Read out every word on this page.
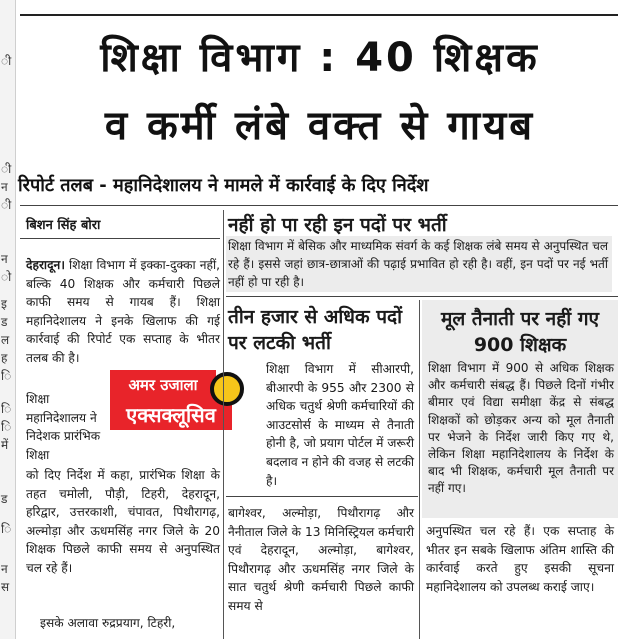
ी
ी
न
ी
न
ो
इ
ड
ल
ह
ि
ि
ि
में
ड
ि
न
स
शिक्षा विभाग : 40 शिक्षक
व कर्मी लंबे वक्त से गायब
रिपोर्ट तलब - महानिदेशालय ने मामले में कार्रवाई के दिए निर्देश
बिशन सिंह बोरा

देहरादून। शिक्षा विभाग में इक्का-दुक्का नहीं, बल्कि 40 शिक्षक और कर्मचारी पिछले काफी समय से गायब हैं। शिक्षा महानिदेशालय ने इनके खिलाफ की गई कार्रवाई की रिपोर्ट एक सप्ताह के भीतर तलब की है।

शिक्षा महानिदेशालय ने निदेशक प्रारंभिक शिक्षा
अमर उजाला
एक्सक्लूसिव
को दिए निर्देश में कहा, प्रारंभिक शिक्षा के तहत चमोली, पौड़ी, टिहरी, देहरादून, हरिद्वार, उत्तरकाशी, चंपावत, पिथौरागढ़, अल्मोड़ा और ऊधमसिंह नगर जिले के 20 शिक्षक पिछले काफी समय से अनुपस्थित चल रहे हैं।
इसके अलावा रुद्रप्रयाग, टिहरी,
नहीं हो पा रही इन पदों पर भर्ती
शिक्षा विभाग में बेसिक और माध्यमिक संवर्ग के कई शिक्षक लंबे समय से अनुपस्थित चल रहे हैं। इससे जहां छात्र-छात्राओं की पढ़ाई प्रभावित हो रही है। वहीं, इन पदों पर नई भर्ती नहीं हो पा रही है।
तीन हजार से अधिक पदों पर लटकी भर्ती
शिक्षा विभाग में सीआरपी, बीआरपी के 955 और 2300 से अधिक चतुर्थ श्रेणी कर्मचारियों की आउटसोर्स के माध्यम से तैनाती होनी है, जो प्रयाग पोर्टल में जरूरी बदलाव न होने की वजह से लटकी है।
मूल तैनाती पर नहीं गए 900 शिक्षक
शिक्षा विभाग में 900 से अधिक शिक्षक और कर्मचारी संबद्ध हैं। पिछले दिनों गंभीर बीमार एवं विद्या समीक्षा केंद्र से संबद्ध शिक्षकों को छोड़कर अन्य को मूल तैनाती पर भेजने के निर्देश जारी किए गए थे, लेकिन शिक्षा महानिदेशालय के निर्देश के बाद भी शिक्षक, कर्मचारी मूल तैनाती पर नहीं गए।
बागेश्वर, अल्मोड़ा, पिथौरागढ़ और नैनीताल जिले के 13 मिनिस्ट्रियल कर्मचारी एवं देहरादून, अल्मोड़ा, बागेश्वर, पिथौरागढ़ और ऊधमसिंह नगर जिले के सात चतुर्थ श्रेणी कर्मचारी पिछले काफी समय से
अनुपस्थित चल रहे हैं। एक सप्ताह के भीतर इन सबके खिलाफ अंतिम शास्ति की कार्रवाई करते हुए इसकी सूचना महानिदेशालय को उपलब्ध कराई जाए।
